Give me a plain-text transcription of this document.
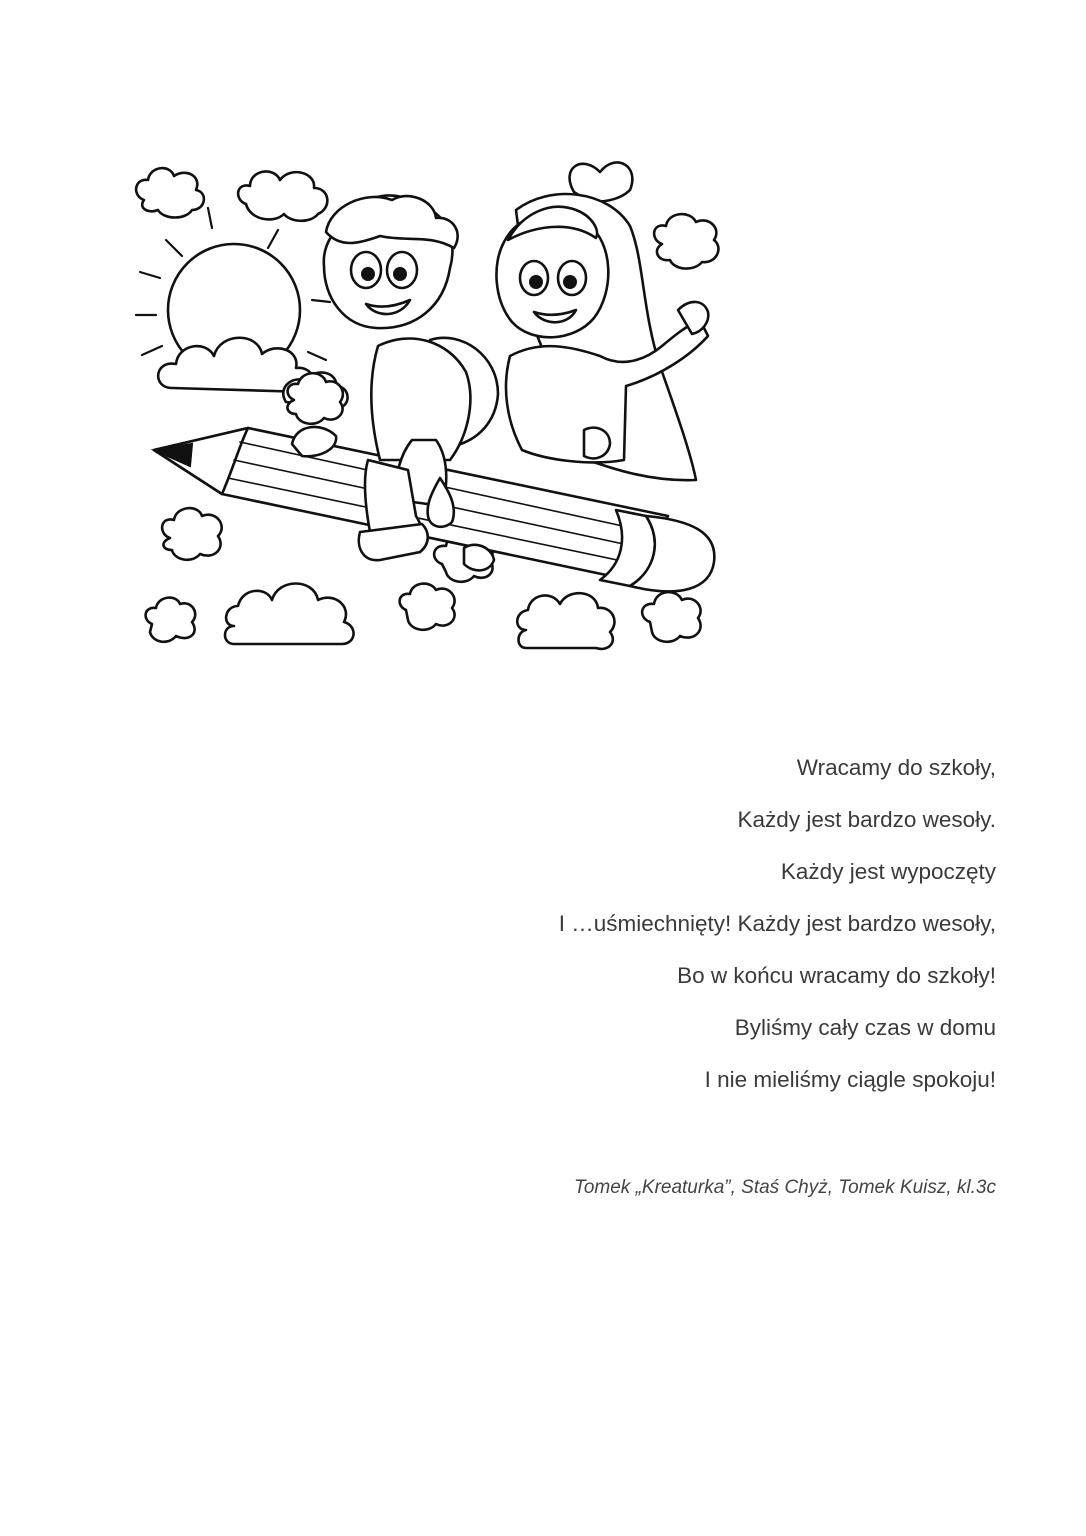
Wracamy do szkoły,
Każdy jest bardzo wesoły.
Każdy jest wypoczęty
I …uśmiechnięty! Każdy jest bardzo wesoły,
Bo w końcu wracamy do szkoły!
Byliśmy cały czas w domu
I nie mieliśmy ciągle spokoju!
Tomek „Kreaturka”, Staś Chyż, Tomek Kuisz, kl.3c
